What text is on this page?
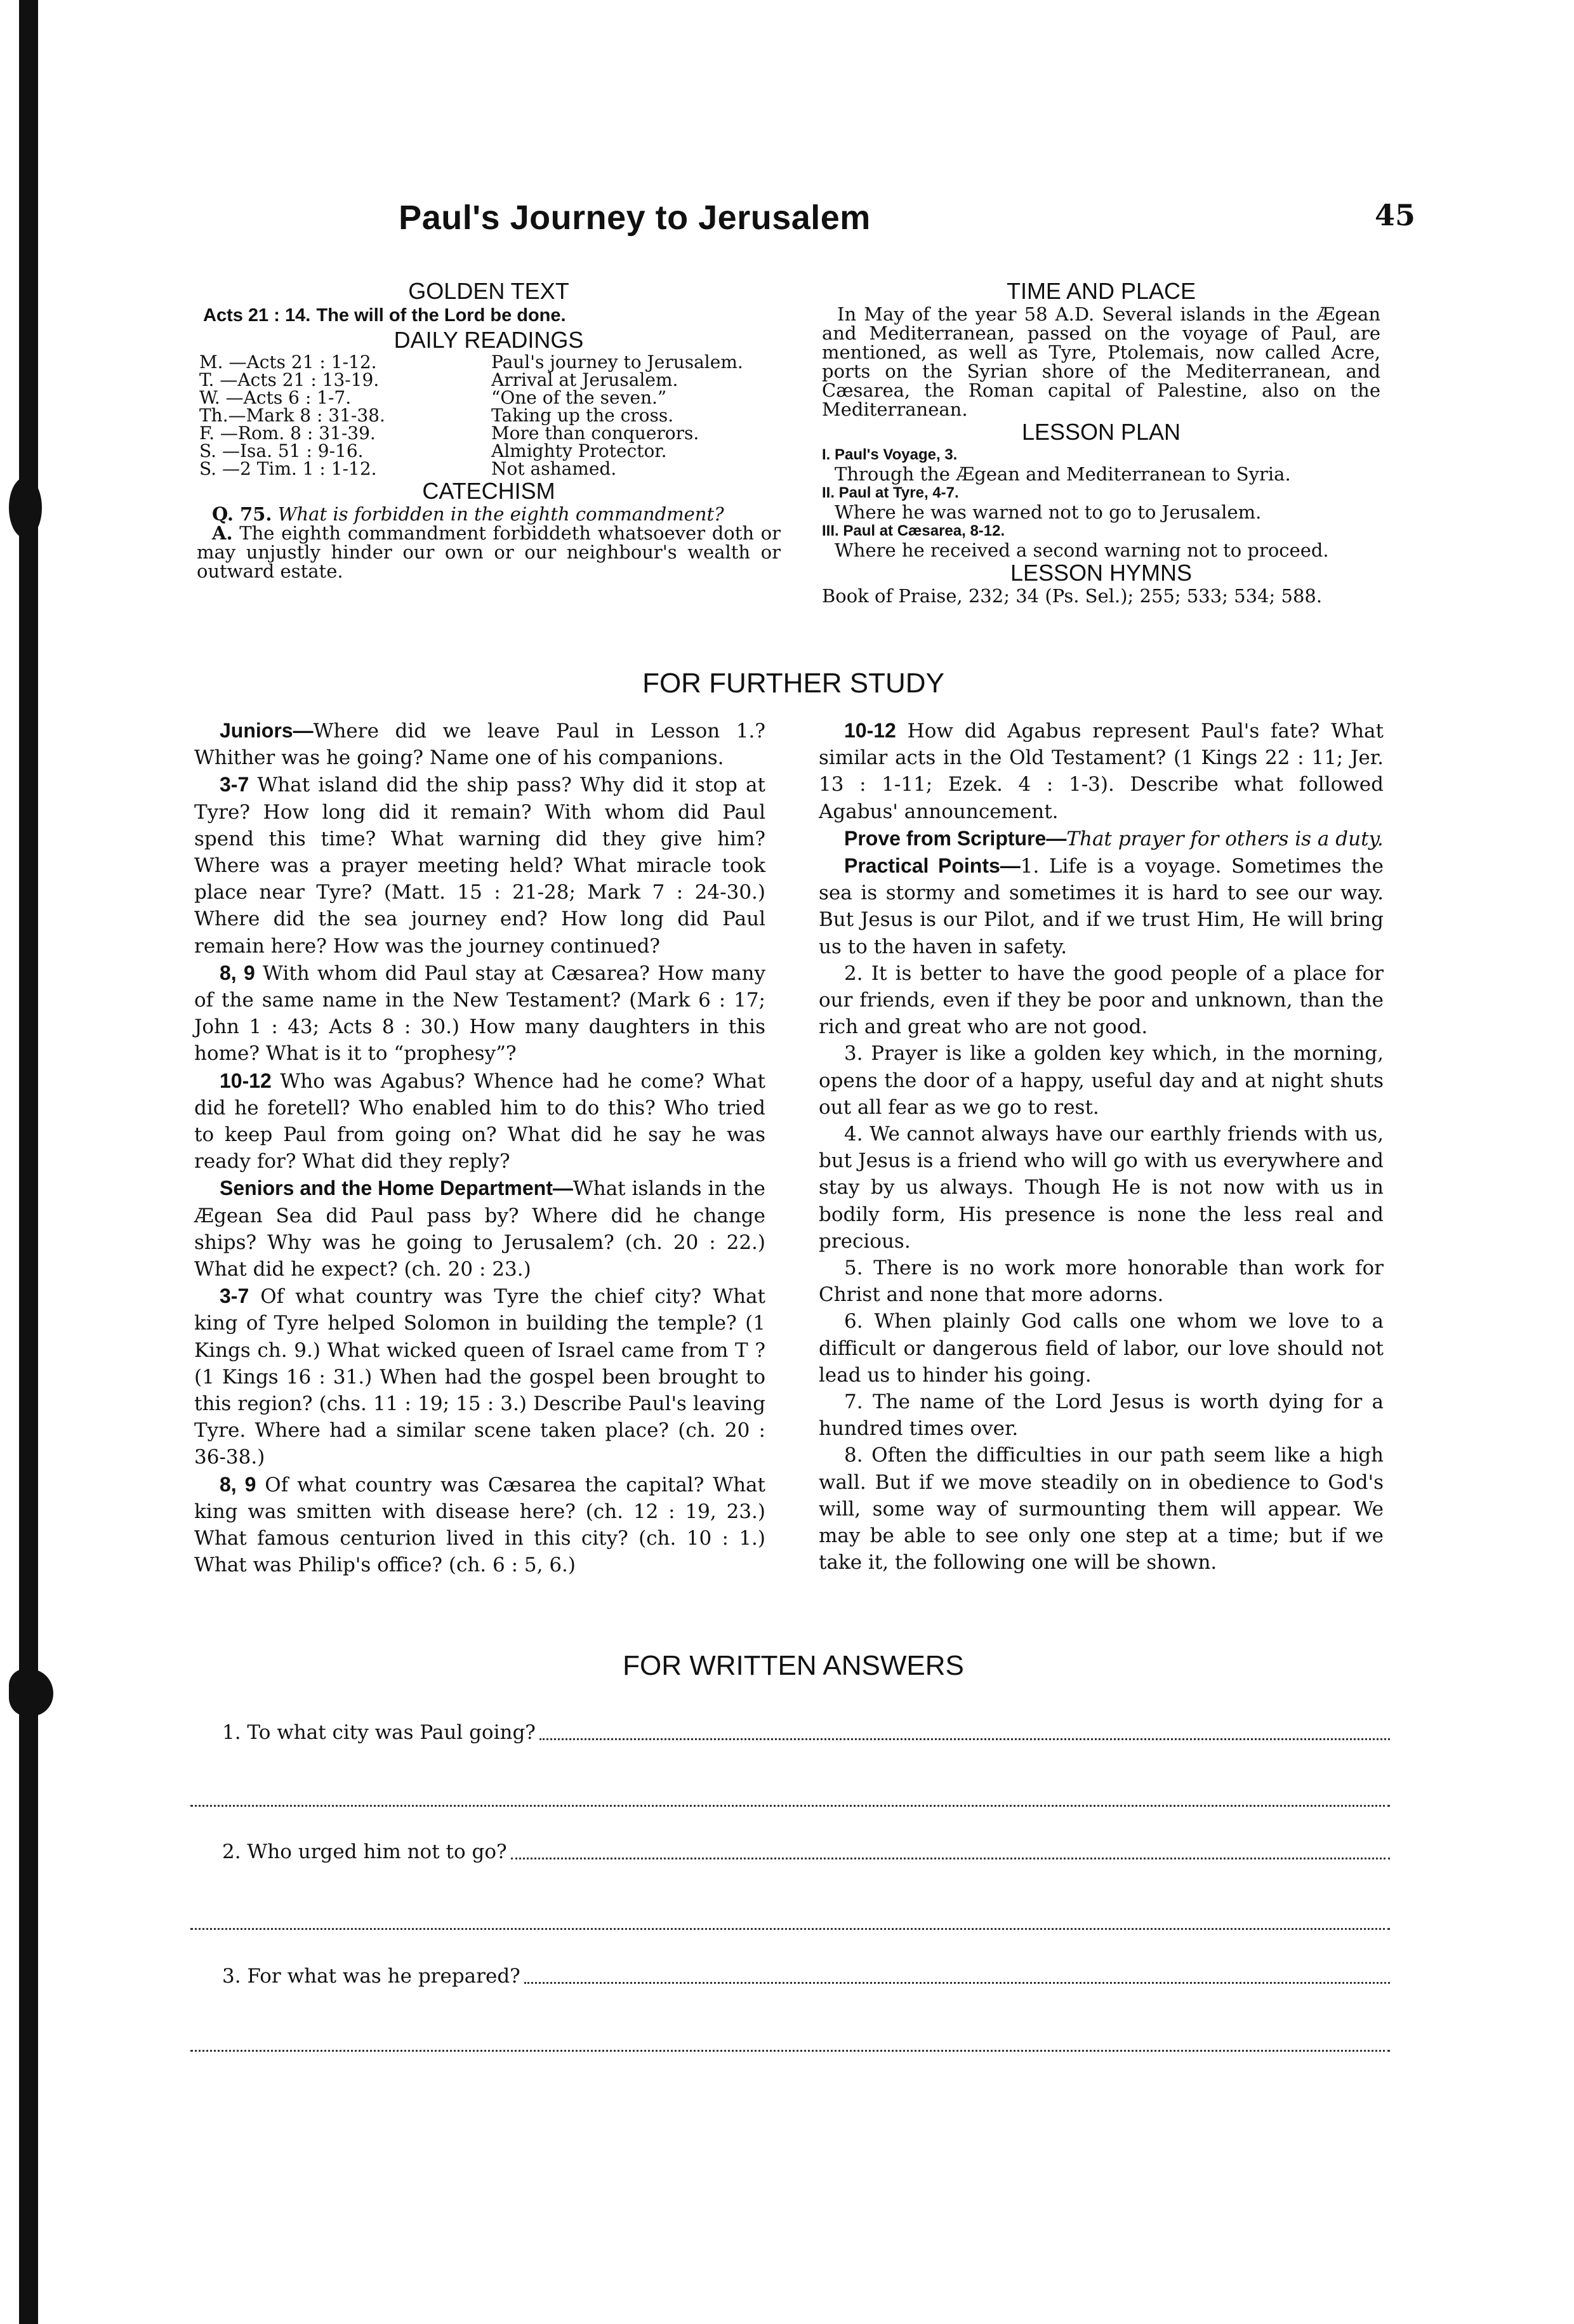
Paul's Journey to Jerusalem	45
GOLDEN TEXT
Acts 21 : 14. The will of the Lord be done.
DAILY READINGS
M. —Acts 21 : 1-12.	Paul's journey to Jerusalem.
T. —Acts 21 : 13-19.	Arrival at Jerusalem.
W. —Acts 6 : 1-7.	“One of the seven.”
Th.—Mark 8 : 31-38.	Taking up the cross.
F. —Rom. 8 : 31-39.	More than conquerors.
S. —Isa. 51 : 9-16.	Almighty Protector.
S. —2 Tim. 1 : 1-12.	Not ashamed.
CATECHISM
Q. 75. What is forbidden in the eighth commandment?
A. The eighth commandment forbiddeth whatsoever doth or may unjustly hinder our own or our neighbour's wealth or outward estate.
TIME AND PLACE
In May of the year 58 A.D. Several islands in the Ægean and Mediterranean, passed on the voyage of Paul, are mentioned, as well as Tyre, Ptolemais, now called Acre, ports on the Syrian shore of the Mediterranean, and Cæsarea, the Roman capital of Palestine, also on the Mediterranean.
LESSON PLAN
I. Paul's Voyage, 3.
Through the Ægean and Mediterranean to Syria.
II. Paul at Tyre, 4-7.
Where he was warned not to go to Jerusalem.
III. Paul at Cæsarea, 8-12.
Where he received a second warning not to proceed.
LESSON HYMNS
Book of Praise, 232; 34 (Ps. Sel.); 255; 533; 534; 588.
FOR FURTHER STUDY

Juniors—Where did we leave Paul in Lesson 1.? Whither was he going? Name one of his companions.

3-7 What island did the ship pass? Why did it stop at Tyre? How long did it remain? With whom did Paul spend this time? What warning did they give him? Where was a prayer meeting held? What miracle took place near Tyre? (Matt. 15 : 21-28; Mark 7 : 24-30.) Where did the sea journey end? How long did Paul remain here? How was the journey continued?

8, 9 With whom did Paul stay at Cæsarea? How many of the same name in the New Testament? (Mark 6 : 17; John 1 : 43; Acts 8 : 30.) How many daughters in this home? What is it to “prophesy”?

10-12 Who was Agabus? Whence had he come? What did he foretell? Who enabled him to do this? Who tried to keep Paul from going on? What did he say he was ready for? What did they reply?

Seniors and the Home Department—What islands in the Ægean Sea did Paul pass by? Where did he change ships? Why was he going to Jerusalem? (ch. 20 : 22.) What did he expect? (ch. 20 : 23.)

3-7 Of what country was Tyre the chief city? What king of Tyre helped Solomon in building the temple? (1 Kings ch. 9.) What wicked queen of Israel came from T ? (1 Kings 16 : 31.) When had the gospel been brought to this region? (chs. 11 : 19; 15 : 3.) Describe Paul's leaving Tyre. Where had a similar scene taken place? (ch. 20 : 36-38.)

8, 9 Of what country was Cæsarea the capital? What king was smitten with disease here? (ch. 12 : 19, 23.) What famous centurion lived in this city? (ch. 10 : 1.) What was Philip's office? (ch. 6 : 5, 6.)

10-12 How did Agabus represent Paul's fate? What similar acts in the Old Testament? (1 Kings 22 : 11; Jer. 13 : 1-11; Ezek. 4 : 1-3). Describe what followed Agabus' announcement.

Prove from Scripture—That prayer for others is a duty.

Practical Points—1. Life is a voyage. Sometimes the sea is stormy and sometimes it is hard to see our way. But Jesus is our Pilot, and if we trust Him, He will bring us to the haven in safety.

2. It is better to have the good people of a place for our friends, even if they be poor and unknown, than the rich and great who are not good.

3. Prayer is like a golden key which, in the morning, opens the door of a happy, useful day and at night shuts out all fear as we go to rest.

4. We cannot always have our earthly friends with us, but Jesus is a friend who will go with us everywhere and stay by us always. Though He is not now with us in bodily form, His presence is none the less real and precious.

5. There is no work more honorable than work for Christ and none that more adorns.

6. When plainly God calls one whom we love to a difficult or dangerous field of labor, our love should not lead us to hinder his going.

7. The name of the Lord Jesus is worth dying for a hundred times over.

8. Often the difficulties in our path seem like a high wall. But if we move steadily on in obedience to God's will, some way of surmounting them will appear. We may be able to see only one step at a time; but if we take it, the following one will be shown.

FOR WRITTEN ANSWERS
1. To what city was Paul going?
2. Who urged him not to go?
3. For what was he prepared?
